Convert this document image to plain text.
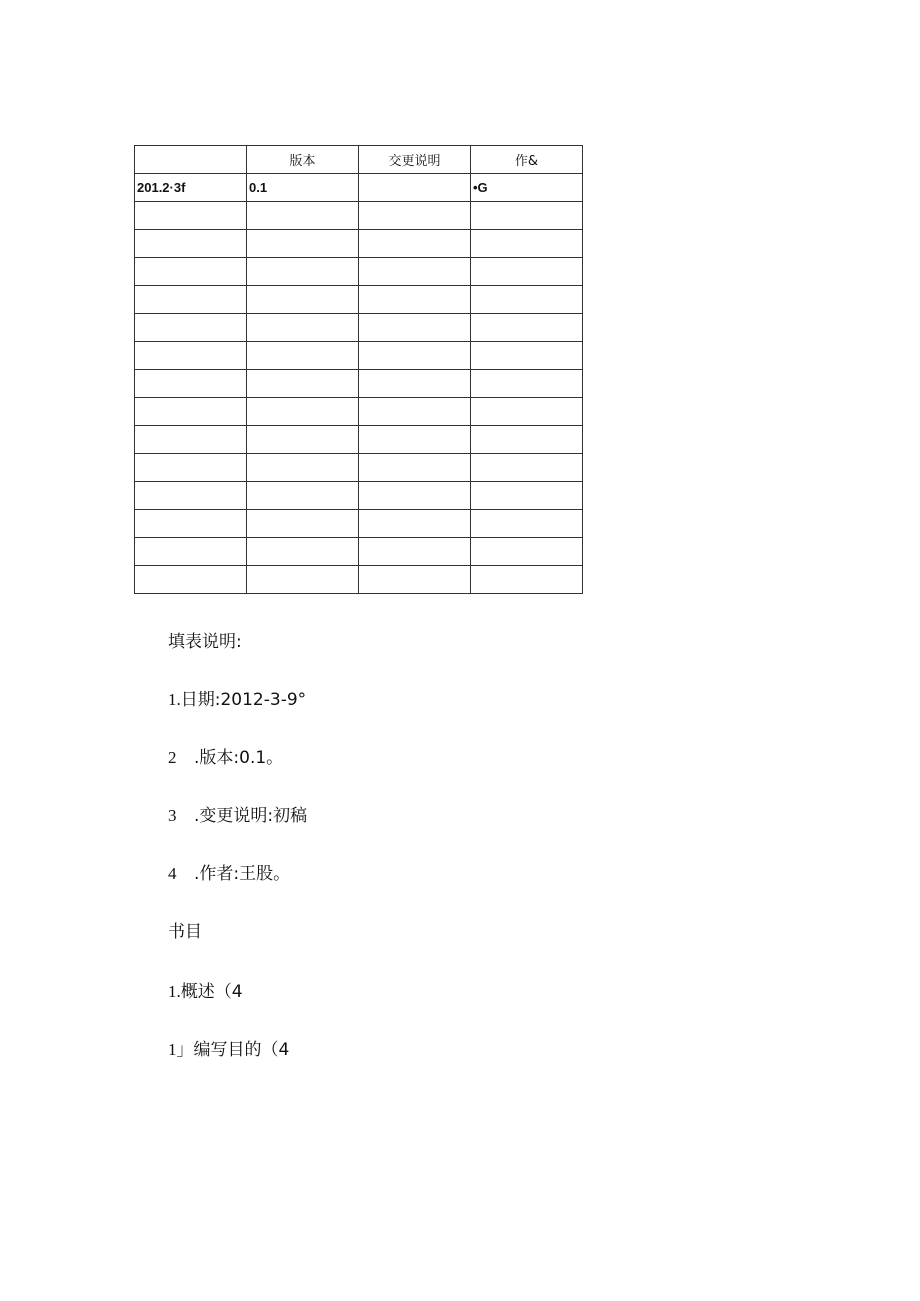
	版本	交更说明	作&
201.2·3f	0.1		•G

填表说明:

1.日期:2012-3-9°

2 .版本:0.1。

3 .变更说明:初稿

4 .作者:王股。

书目

1.概述（4

1」编写目的（4
